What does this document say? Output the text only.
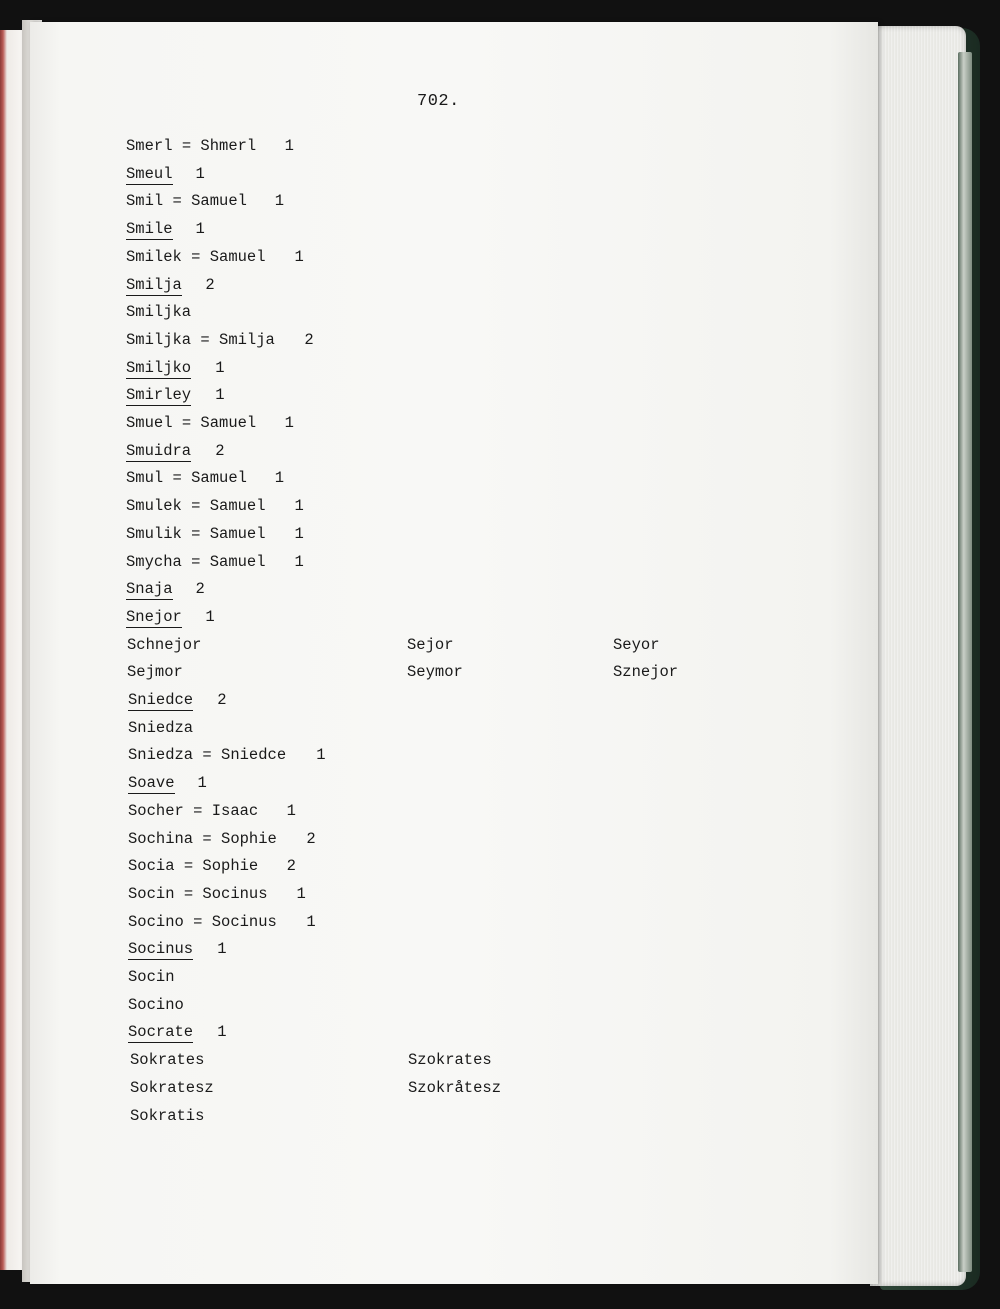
702.
Smerl = Shmerl 1
Smeul 1
Smil = Samuel 1
Smile 1
Smilek = Samuel 1
Smilja 2
Smiljka
Smiljka = Smilja 2
Smiljko 1
Smirley 1
Smuel = Samuel 1
Smuidra 2
Smul = Samuel 1
Smulek = Samuel 1
Smulik = Samuel 1
Smycha = Samuel 1
Snaja 2
Snejor 1
Schnejor
Sejmor
Sejor
Seymor
Seyor
Sznejor
Sniedce 2
Sniedza
Sniedza = Sniedce 1
Soave 1
Socher = Isaac 1
Sochina = Sophie 2
Socia = Sophie 2
Socin = Socinus 1
Socino = Socinus 1
Socinus 1
Socin
Socino
Socrate 1
Sokrates
Sokratesz
Sokratis
Szokrates
Szokråtesz
